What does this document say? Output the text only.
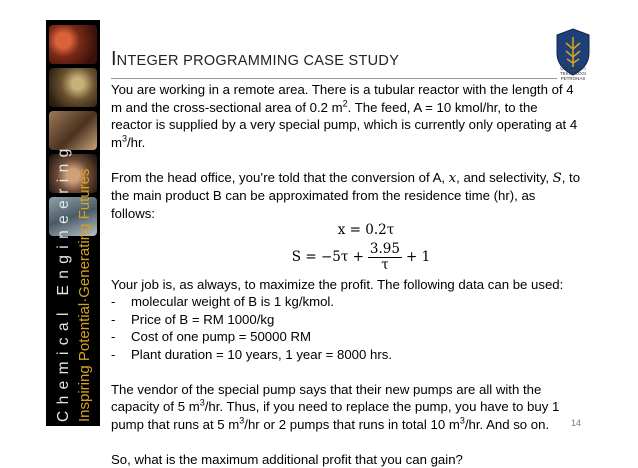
Chemical Engineering Inspiring Potential·Generating Futures
INTEGER PROGRAMMING CASE STUDY	UNIVERSITI
TEKNOLOGI
PETRONAS

You are working in a remote area. There is a tubular reactor with the length of 4 m and the cross-sectional area of 0.2 $m^2$. The feed, A = 10 kmol/hr, to the reactor is supplied by a very special pump, which is currently only operating at 4 $m^3/hr$.

From the head office, you’re told that the conversion of A, x, and selectivity, S, to the main product B can be approximated from the residence time (hr), as follows:

x = 0.2τ
$S = -5\tau + \frac{3.95}{\tau} + 1$

Your job is, as always, to maximize the profit. The following data can be used:

- molecular weight of B is 1 kg/kmol.
- Price of B = RM 1000/kg
- Cost of one pump = 50000 RM
- Plant duration = 10 years, 1 year = 8000 hrs.

The vendor of the special pump says that their new pumps are all with the capacity of 5 $m^3/hr$. Thus, if you need to replace the pump, you have to buy 1 pump that runs at 5 $m^3/hr$ or 2 pumps that runs in total 10 $m^3/hr$. And so on.

So, what is the maximum additional profit that you can gain?

14
